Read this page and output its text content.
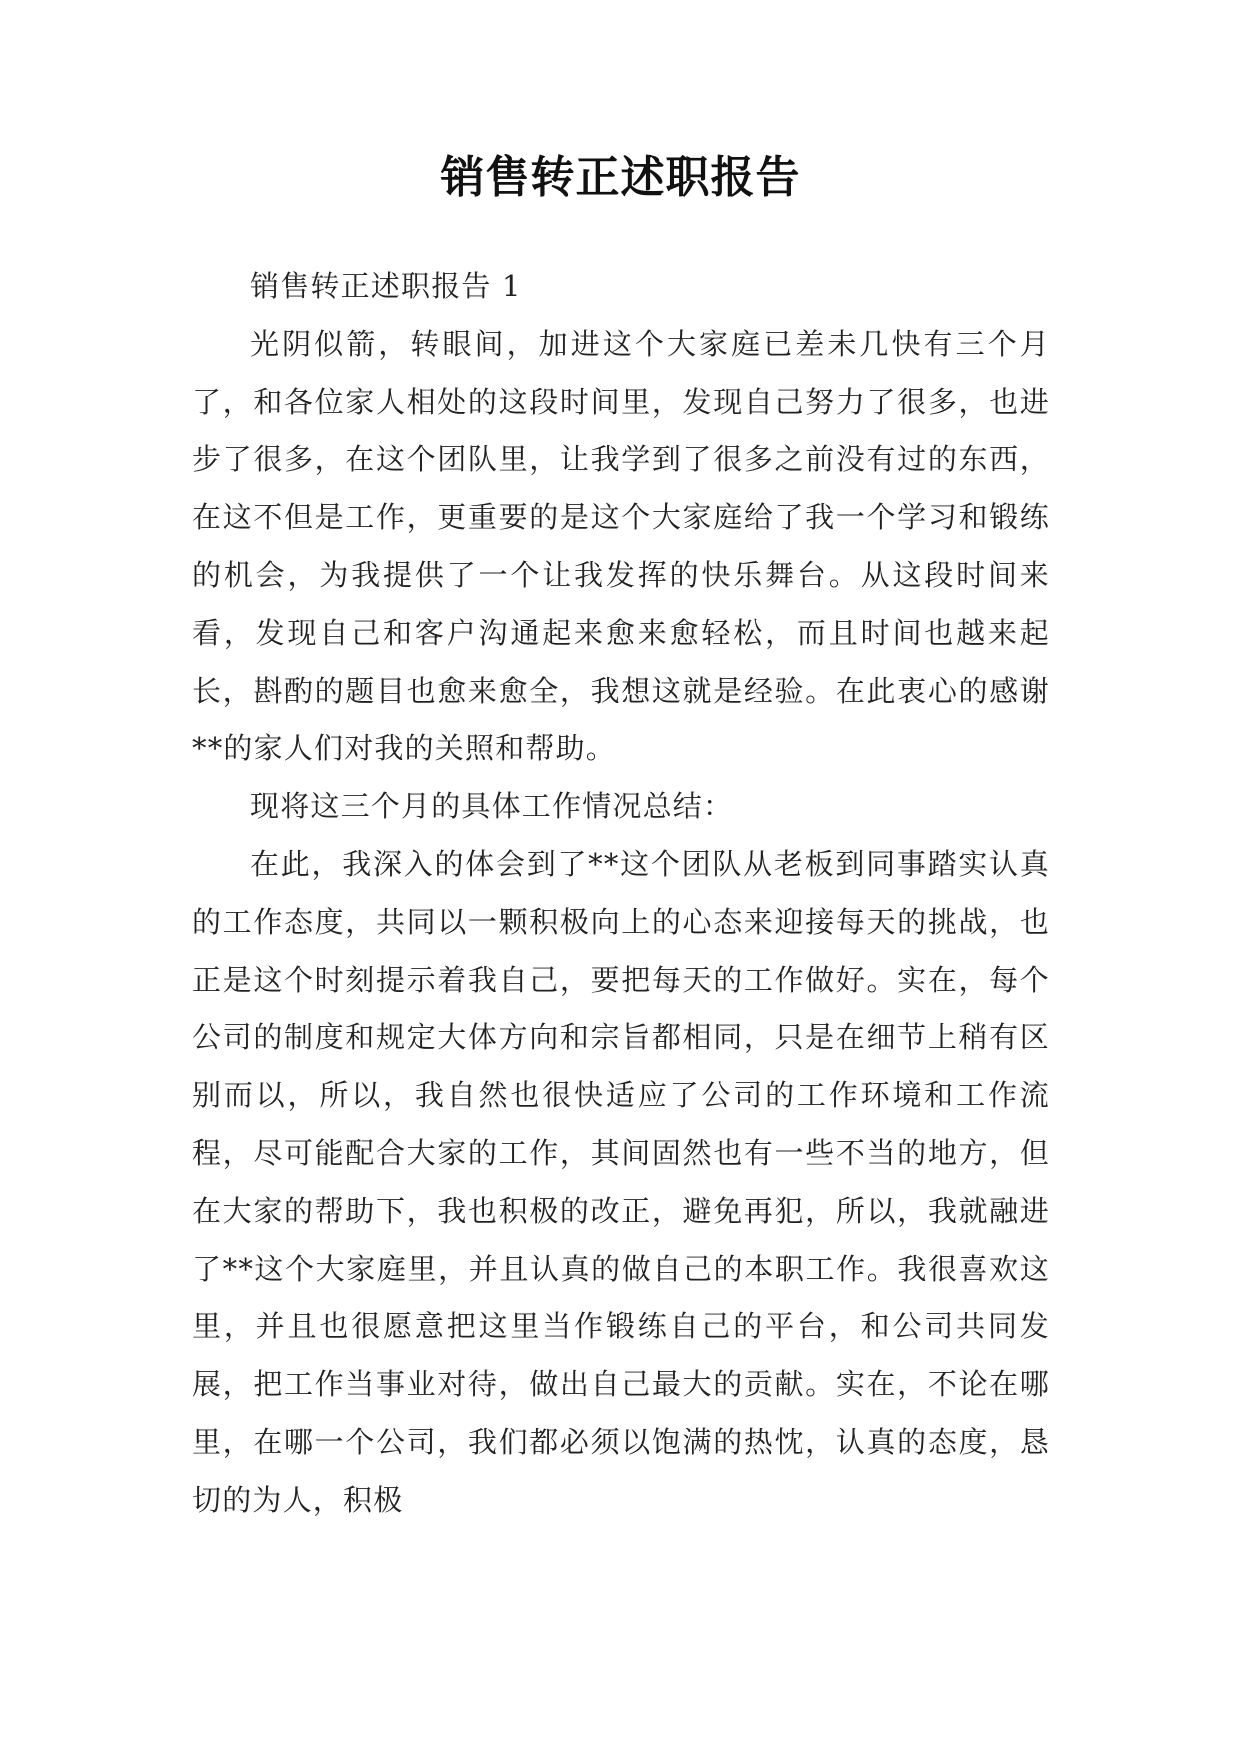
销售转正述职报告

销售转正述职报告 1

光阴似箭，转眼间，加进这个大家庭已差未几快有三个月了，和各位家人相处的这段时间里，发现自己努力了很多，也进步了很多，在这个团队里，让我学到了很多之前没有过的东西，在这不但是工作，更重要的是这个大家庭给了我一个学习和锻练的机会，为我提供了一个让我发挥的快乐舞台。从这段时间来看，发现自己和客户沟通起来愈来愈轻松，而且时间也越来起长，斟酌的题目也愈来愈全，我想这就是经验。在此衷心的感谢**的家人们对我的关照和帮助。

现将这三个月的具体工作情况总结：

在此，我深入的体会到了**这个团队从老板到同事踏实认真的工作态度，共同以一颗积极向上的心态来迎接每天的挑战，也正是这个时刻提示着我自己，要把每天的工作做好。实在，每个公司的制度和规定大体方向和宗旨都相同，只是在细节上稍有区别而以，所以，我自然也很快适应了公司的工作环境和工作流程，尽可能配合大家的工作，其间固然也有一些不当的地方，但在大家的帮助下，我也积极的改正，避免再犯，所以，我就融进了**这个大家庭里，并且认真的做自己的本职工作。我很喜欢这里，并且也很愿意把这里当作锻练自己的平台，和公司共同发展，把工作当事业对待，做出自己最大的贡献。实在，不论在哪里，在哪一个公司，我们都必须以饱满的热忱，认真的态度，恳切的为人，积极
